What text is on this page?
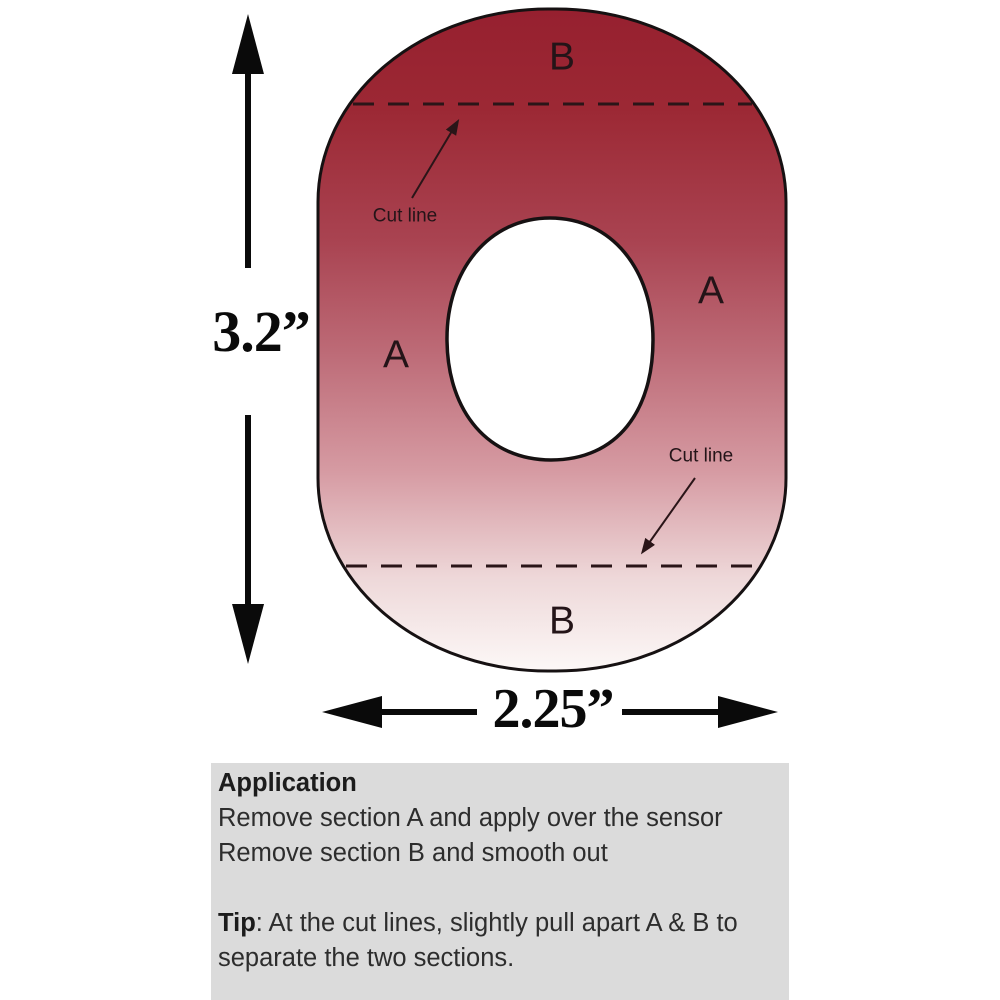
B
A
A
B
Cut line
Cut line
3.2”
2.25”
Application
Remove section A and apply over the sensor
Remove section B and smooth out
Tip: At the cut lines, slightly pull apart A & B to separate the two sections.
